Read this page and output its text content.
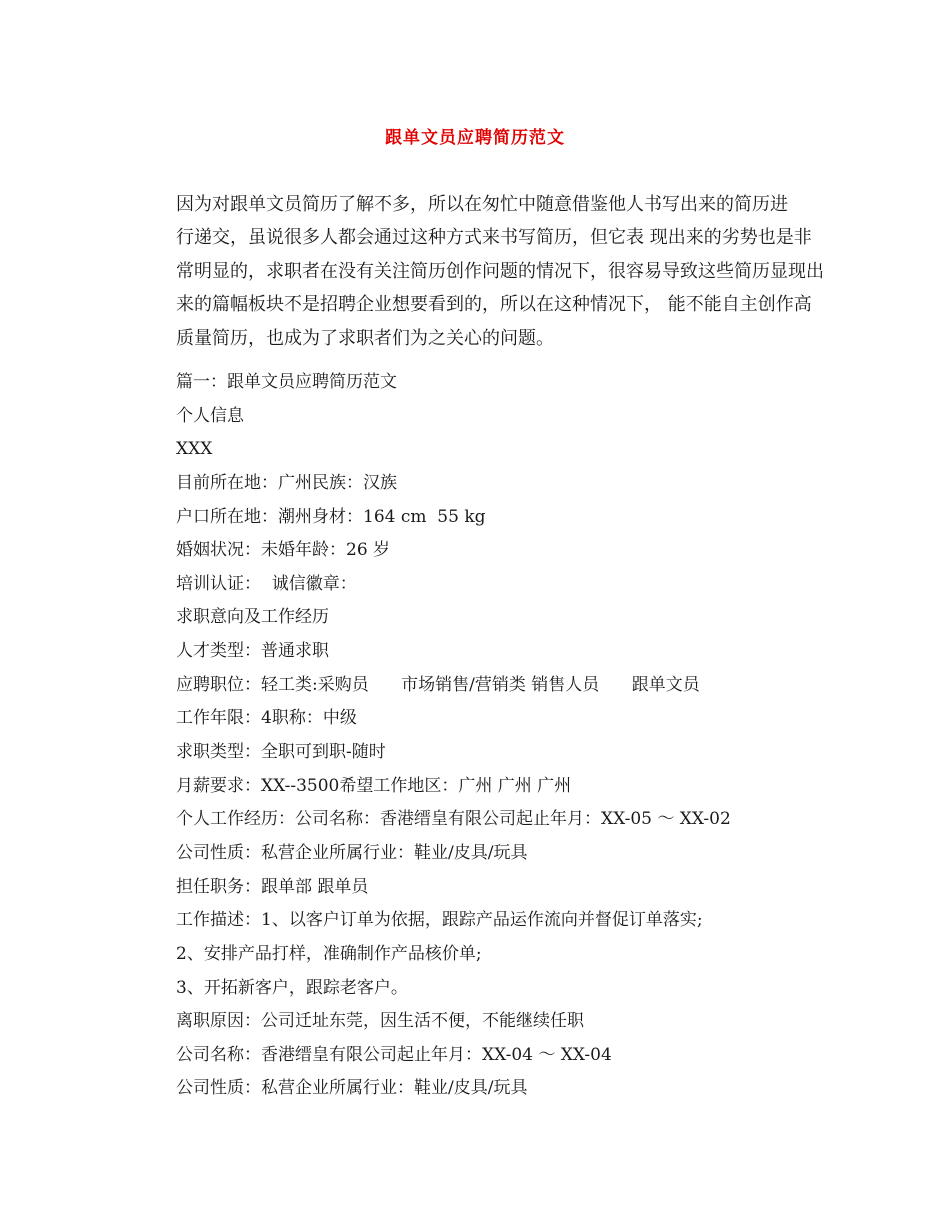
跟单文员应聘简历范文

因为对跟单文员简历了解不多，所以在匆忙中随意借鉴他人书写出来的简历进
行递交，虽说很多人都会通过这种方式来书写简历，但它表 现出来的劣势也是非
常明显的，求职者在没有关注简历创作问题的情况下，很容易导致这些简历显现出
来的篇幅板块不是招聘企业想要看到的，所以在这种情况下， 能不能自主创作高
质量简历，也成为了求职者们为之关心的问题。

篇一：跟单文员应聘简历范文
个人信息
XXX
目前所在地：广州民族：汉族
户口所在地：潮州身材：164 cm  55 kg
婚姻状况：未婚年龄：26 岁
培训认证：  诚信徽章：
求职意向及工作经历
人才类型：普通求职
应聘职位：轻工类:采购员      市场销售/营销类 销售人员      跟单文员
工作年限：4职称：中级
求职类型：全职可到职-随时
月薪要求：XX--3500希望工作地区：广州 广州 广州
个人工作经历：公司名称：香港缙皇有限公司起止年月：XX-05 ～ XX-02
公司性质：私营企业所属行业：鞋业/皮具/玩具
担任职务：跟单部 跟单员
工作描述：1、以客户订单为依据，跟踪产品运作流向并督促订单落实;
2、安排产品打样，准确制作产品核价单;
3、开拓新客户，跟踪老客户。
离职原因：公司迁址东莞，因生活不便，不能继续任职
公司名称：香港缙皇有限公司起止年月：XX-04 ～ XX-04
公司性质：私营企业所属行业：鞋业/皮具/玩具
